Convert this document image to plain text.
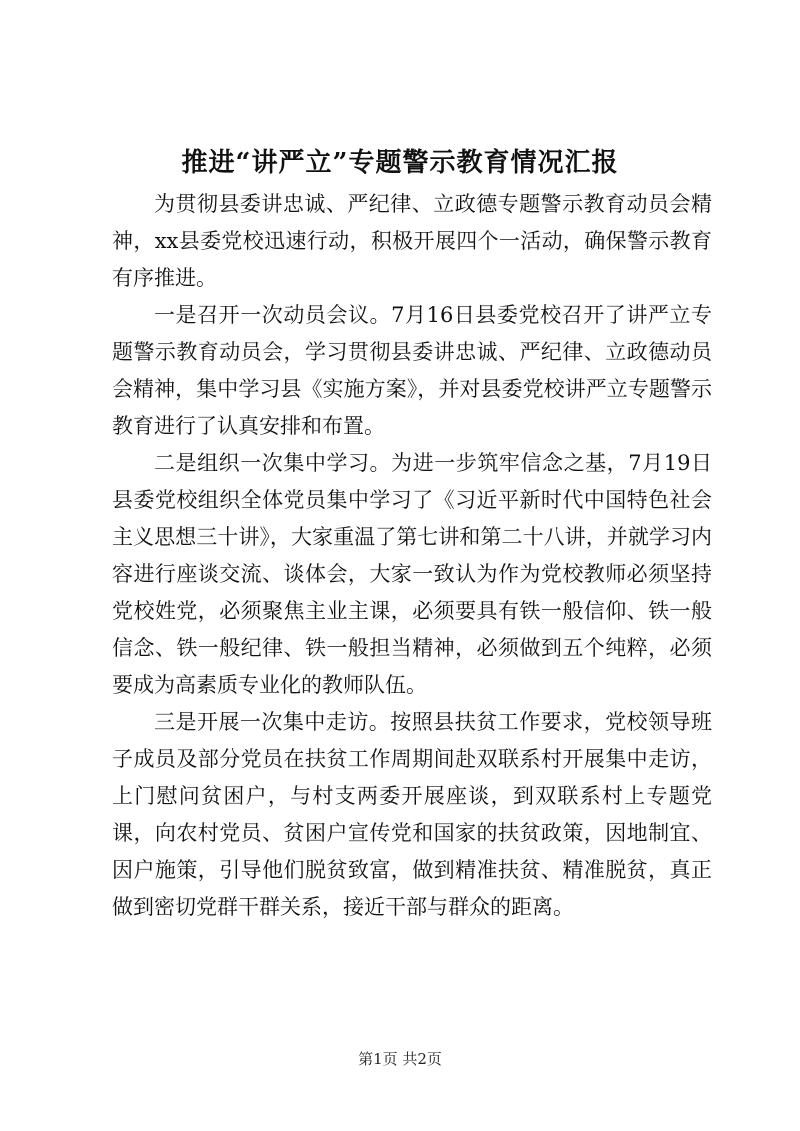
推进“讲严立”专题警示教育情况汇报

为贯彻县委讲忠诚、严纪律、立政德专题警示教育动员会精神，xx县委党校迅速行动，积极开展四个一活动，确保警示教育有序推进。

一是召开一次动员会议。7月16日县委党校召开了讲严立专题警示教育动员会，学习贯彻县委讲忠诚、严纪律、立政德动员会精神，集中学习县《实施方案》，并对县委党校讲严立专题警示教育进行了认真安排和布置。

二是组织一次集中学习。为进一步筑牢信念之基，7月19日县委党校组织全体党员集中学习了《习近平新时代中国特色社会主义思想三十讲》，大家重温了第七讲和第二十八讲，并就学习内容进行座谈交流、谈体会，大家一致认为作为党校教师必须坚持党校姓党，必须聚焦主业主课，必须要具有铁一般信仰、铁一般信念、铁一般纪律、铁一般担当精神，必须做到五个纯粹，必须要成为高素质专业化的教师队伍。

三是开展一次集中走访。按照县扶贫工作要求，党校领导班子成员及部分党员在扶贫工作周期间赴双联系村开展集中走访，上门慰问贫困户，与村支两委开展座谈，到双联系村上专题党课，向农村党员、贫困户宣传党和国家的扶贫政策，因地制宜、因户施策，引导他们脱贫致富，做到精准扶贫、精准脱贫，真正做到密切党群干群关系，接近干部与群众的距离。

第1页 共2页
